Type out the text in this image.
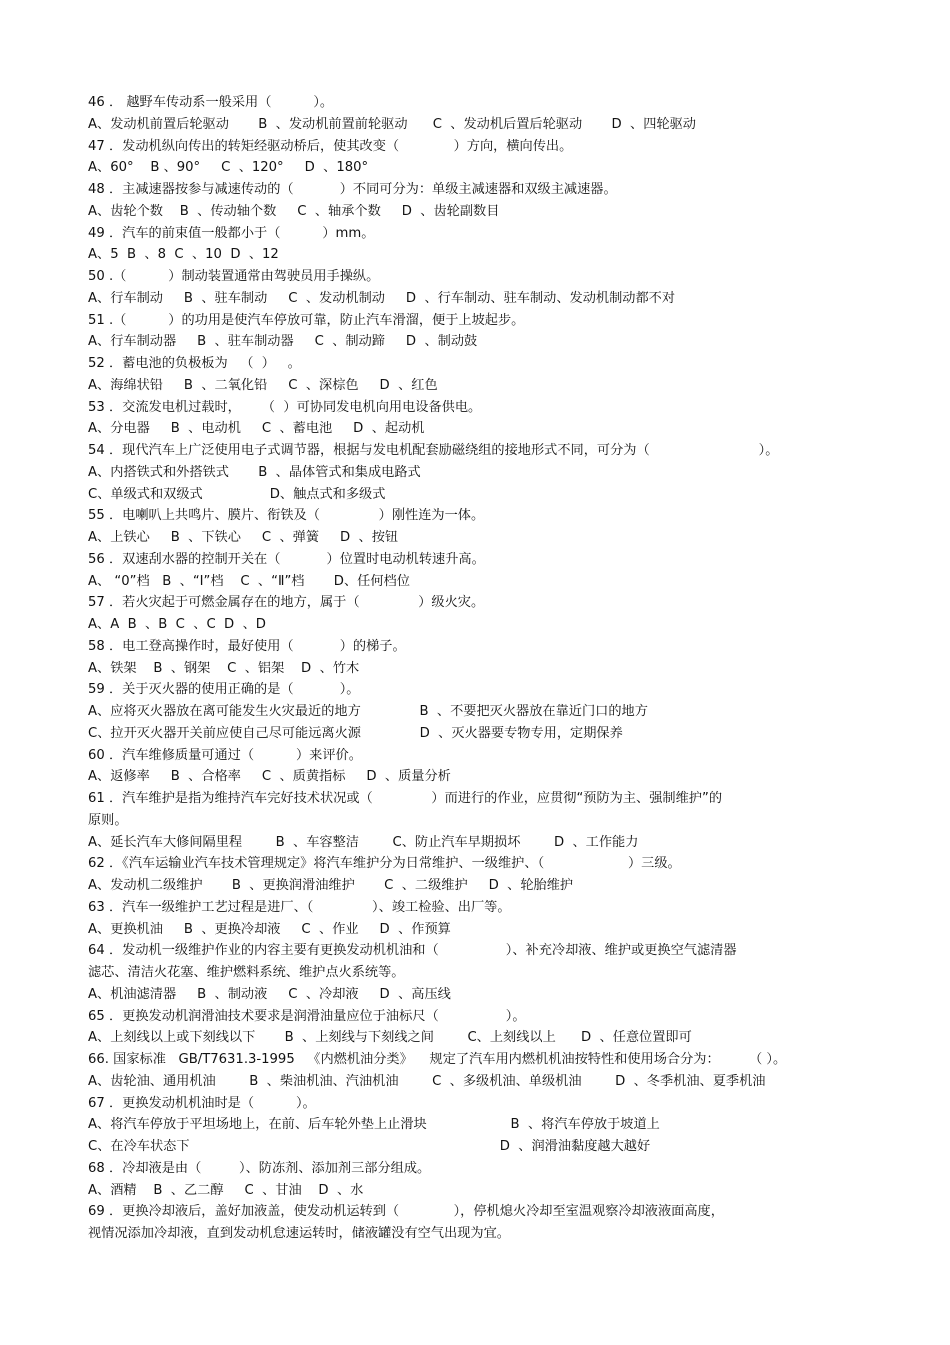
46 ． 越野车传动系一般采用（          ）。
A、发动机前置后轮驱动       B  、发动机前置前轮驱动      C  、发动机后置后轮驱动       D  、四轮驱动
47 ．发动机纵向传出的转矩经驱动桥后，使其改变（             ）方向，横向传出。
A、60°    B 、90°     C  、120°     D  、180°
48 ．主减速器按参与减速传动的（           ）不同可分为：单级主减速器和双级主减速器。
A、齿轮个数    B  、传动轴个数     C  、轴承个数     D  、齿轮副数目
49 ．汽车的前束值一般都小于（          ）mm。
A、5  B  、8  C  、10  D  、12
50 .（          ）制动装置通常由驾驶员用手操纵。
A、行车制动     B  、驻车制动     C  、发动机制动     D  、行车制动、驻车制动、发动机制动都不对
51 .（          ）的功用是使汽车停放可靠，防止汽车滑溜，便于上坡起步。
A、行车制动器     B  、驻车制动器     C  、制动蹄     D  、制动鼓
52 ．蓄电池的负极板为   （  ）   。
A、海绵状铅     B  、二氧化铅     C  、深棕色     D  、红色
53 ．交流发电机过载时，     （  ）可协同发电机向用电设备供电。
A、分电器     B  、电动机     C  、蓄电池     D  、起动机
54 ．现代汽车上广泛使用电子式调节器，根据与发电机配套励磁绕组的接地形式不同，可分为（                          ）。
A、内搭铁式和外搭铁式       B  、晶体管式和集成电路式
C、单级式和双级式                D、触点式和多级式
55 ．电喇叭上共鸣片、膜片、衔铁及（              ）刚性连为一体。
A、上铁心     B  、下铁心     C  、弹簧     D  、按钮
56 ．双速刮水器的控制开关在（           ）位置时电动机转速升高。
A、 “0”档   B  、“Ⅰ”档    C  、“Ⅱ”档       D、任何档位
57 ．若火灾起于可燃金属存在的地方，属于（              ）级火灾。
A、A  B  、B  C  、C  D  、D
58 ．电工登高操作时，最好使用（           ）的梯子。
A、铁架    B  、钢架    C  、铝架    D  、竹木
59 ．关于灭火器的使用正确的是（           ）。
A、应将灭火器放在离可能发生火灾最近的地方              B  、不要把灭火器放在靠近门口的地方
C、拉开灭火器开关前应使自己尽可能远离火源              D  、灭火器要专物专用，定期保养
60 ．汽车维修质量可通过（          ）来评价。
A、返修率     B  、合格率     C  、质黄指标     D  、质量分析
61 ．汽车维护是指为维持汽车完好技术状况或（              ）而进行的作业，应贯彻“预防为主、强制维护”的
原则。
A、延长汽车大修间隔里程        B  、车容整洁        C、防止汽车早期损坏        D  、工作能力
62 ．《汽车运输业汽车技术管理规定》将汽车维护分为日常维护、一级维护、（                    ）三级。
A、发动机二级维护       B  、更换润滑油维护       C  、二级维护     D  、轮胎维护
63 ．汽车一级维护工艺过程是进厂、（              ）、竣工检验、出厂等。
A、更换机油     B  、更换冷却液     C  、作业     D  、作预算
64 ．发动机一级维护作业的内容主要有更换发动机机油和（                ）、补充冷却液、维护或更换空气滤清器
滤芯、清洁火花塞、维护燃料系统、维护点火系统等。
A、机油滤清器     B  、制动液     C  、冷却液     D  、高压线
65 ．更换发动机润滑油技术要求是润滑油量应位于油标尺（                ）。
A、上刻线以上或下刻线以下       B  、上刻线与下刻线之间        C、上刻线以上      D  、任意位置即可
66. 国家标准   GB/T7631.3-1995   《内燃机油分类》    规定了汽车用内燃机机油按特性和使用场合分为：       （ ）。
A、齿轮油、通用机油        B  、柴油机油、汽油机油        C  、多级机油、单级机油        D  、冬季机油、夏季机油
67 ．更换发动机机油时是（          ）。
A、将汽车停放于平坦场地上，在前、后车轮外垫上止滑块                    B  、将汽车停放于坡道上
C、在冷车状态下                                                                          D  、润滑油黏度越大越好
68 ．冷却液是由（         ）、防冻剂、添加剂三部分组成。
A、酒精    B  、乙二醇     C  、甘油    D  、水
69 ．更换冷却液后，盖好加液盖，使发动机运转到（             ），停机熄火冷却至室温观察冷却液液面高度，
视情况添加冷却液，直到发动机怠速运转时，储液罐没有空气出现为宜。
